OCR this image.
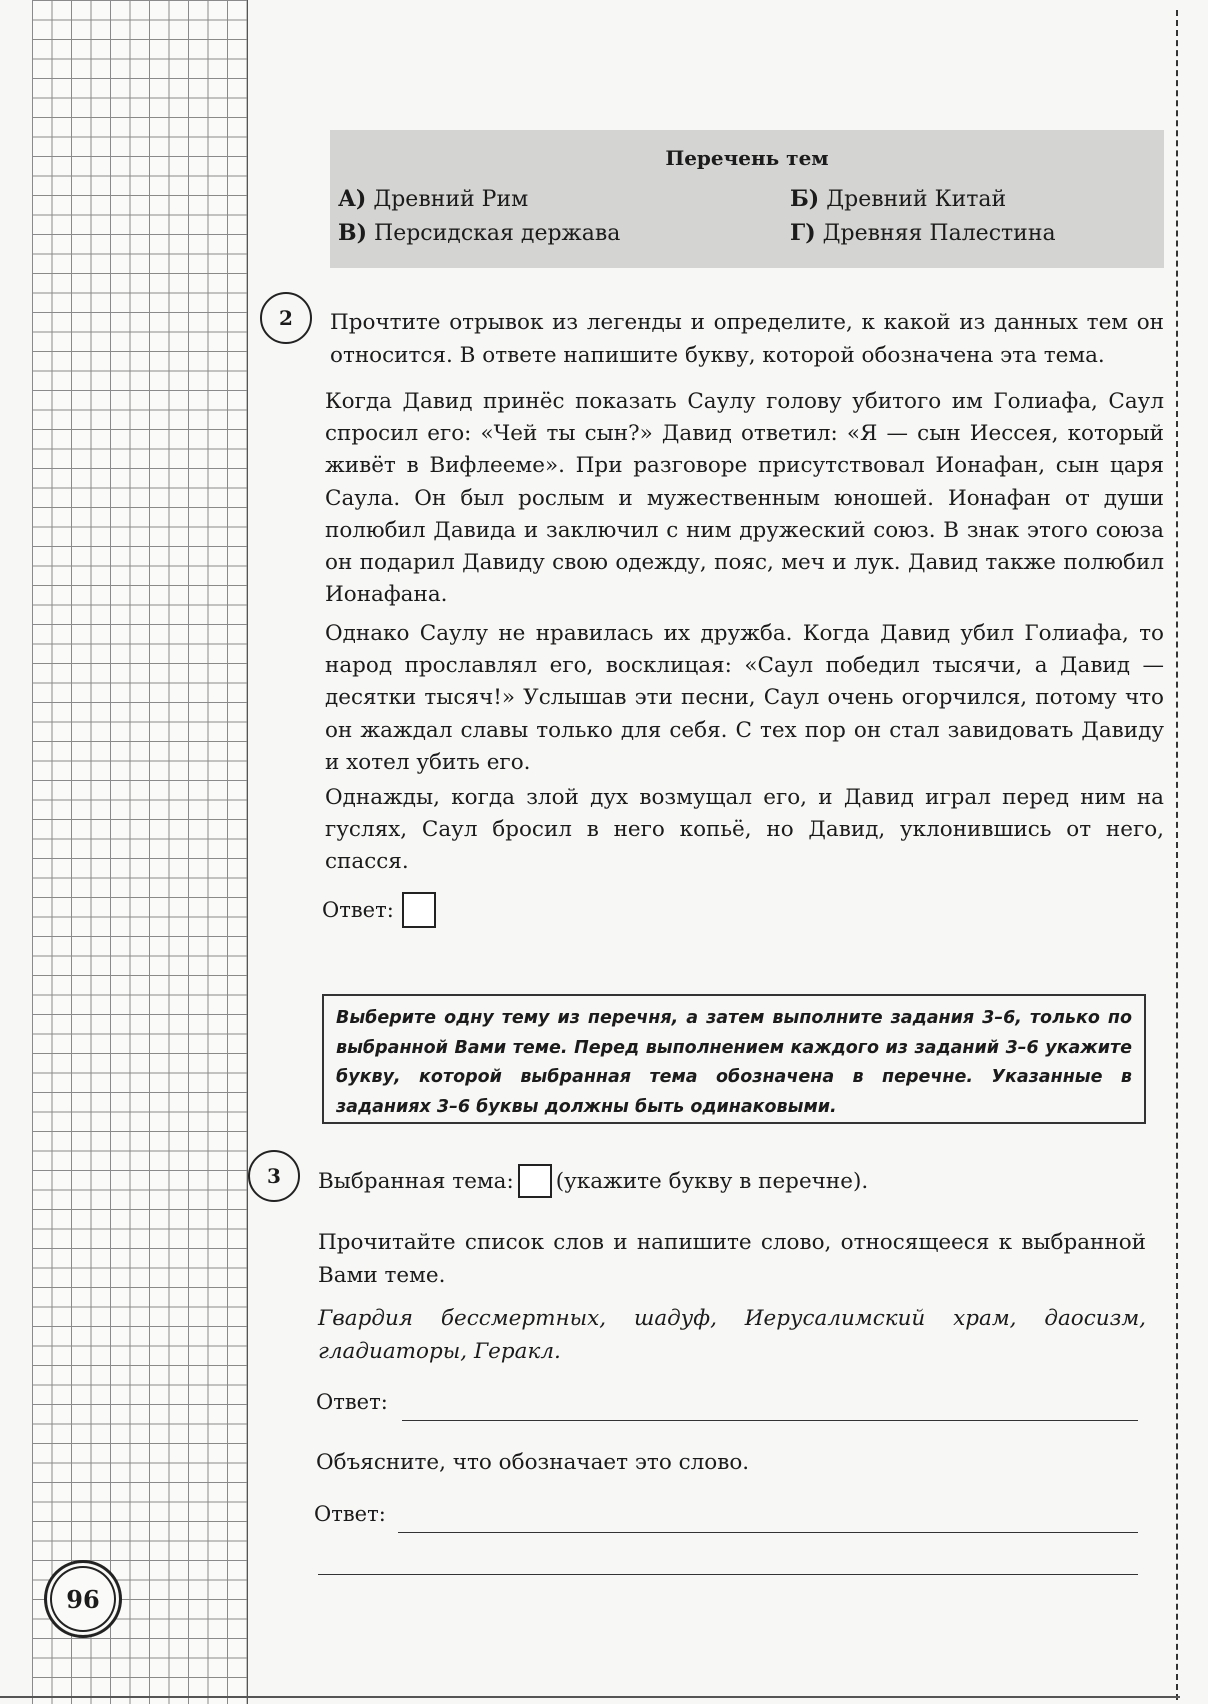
96
Перечень тем
А) Древний Рим	Б) Древний Китай
В) Персидская держава	Г) Древняя Палестина
2 Прочтите отрывок из легенды и определите, к какой из данных тем он относится. В ответе напишите букву, которой обозначена эта тема.
Когда Давид принёс показать Саулу голову убитого им Голиафа, Саул спросил его: «Чей ты сын?» Давид ответил: «Я — сын Иессея, который живёт в Вифлееме». При разговоре присутствовал Ионафан, сын царя Саула. Он был рослым и мужественным юношей. Ионафан от души полюбил Давида и заключил с ним дружеский союз. В знак этого союза он подарил Давиду свою одежду, пояс, меч и лук. Давид также полюбил Ионафана.
Однако Саулу не нравилась их дружба. Когда Давид убил Голиафа, то народ прославлял его, восклицая: «Саул победил тысячи, а Давид — десятки тысяч!» Услышав эти песни, Саул очень огорчился, потому что он жаждал славы только для себя. С тех пор он стал завидовать Давиду и хотел убить его.
Однажды, когда злой дух возмущал его, и Давид играл перед ним на гуслях, Саул бросил в него копьё, но Давид, уклонившись от него, спасся.
Ответ:
Выберите одну тему из перечня, а затем выполните задания 3–6, только по выбранной Вами теме. Перед выполнением каждого из заданий 3–6 укажите букву, которой выбранная тема обозначена в перечне. Указанные в заданиях 3–6 буквы должны быть одинаковыми.
3 Выбранная тема: (укажите букву в перечне).
Прочитайте список слов и напишите слово, относящееся к выбранной Вами теме.
Гвардия бессмертных, шадуф, Иерусалимский храм, даосизм, гладиаторы, Геракл.
Ответ:
Объясните, что обозначает это слово.
Ответ:
